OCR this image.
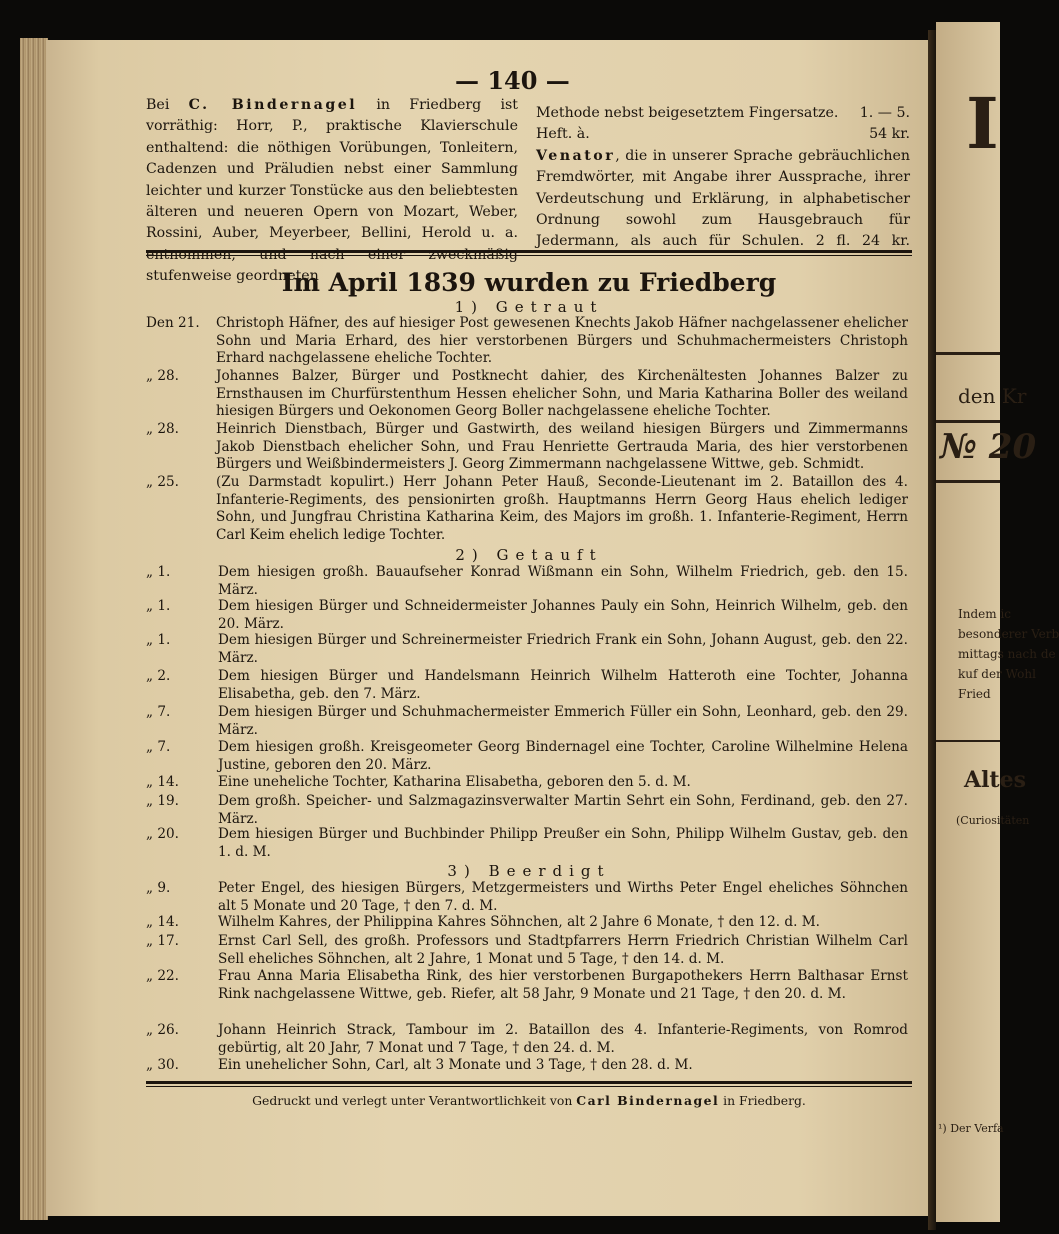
I
den Kr
№ 20
Indem ic
besonderer Verb
mittags nach de
kuf der Wohl
Fried
Altes
(Curiositäten
¹) Der Verfa
— 140 —
Bei C. Bindernagel in Friedberg ist vorräthig: Horr, P., praktische Klavierschule enthaltend: die nöthigen Vorübungen, Tonleitern, Cadenzen und Präludien nebst einer Sammlung leichter und kurzer Tonstücke aus den beliebtesten älteren und neueren Opern von Mozart, Weber, Rossini, Auber, Meyerbeer, Bellini, Herold u. a. stufenweise geordneten
Methode nebst beigesetztem Fingersatze. 1. — 5.
Heft. à.	54 kr.
Venator, die in unserer Sprache gebräuchlichen Fremdwörter, mit Angabe ihrer Aussprache, ihrer Verdeutschung und Erklärung, in alphabetischer Ordnung sowohl zum Hausgebrauch für Jedermann, als auch für Schulen. 2 fl. 24 kr.
Im April 1839 wurden zu Friedberg
1) Getraut
Den 21.	Christoph Häfner, des auf hiesiger Post gewesenen Knechts Jakob Häfner nachgelassener ehelicher Sohn und Maria Erhard, des hier verstorbenen Bürgers und Schuhmachermeisters Christoph Erhard nachgelassene eheliche Tochter.
„ 28.	Johannes Balzer, Bürger und Postknecht dahier, des Kirchenältesten Johannes Balzer zu Ernsthausen im Churfürstenthum Hessen ehelicher Sohn, und Maria Katharina Boller des weiland hiesigen Bürgers und Oekonomen Georg Boller nachgelassene eheliche Tochter.
„ 28.	Heinrich Dienstbach, Bürger und Gastwirth, des weiland hiesigen Bürgers und Zimmermanns Jakob Dienstbach ehelicher Sohn, und Frau Henriette Gertrauda Maria, des hier verstorbenen Bürgers und Weißbindermeisters J. Georg Zimmermann nachgelassene Wittwe, geb. Schmidt.
„ 25.	(Zu Darmstadt kopulirt.) Herr Johann Peter Hauß, Seconde-Lieutenant im 2. Bataillon des 4. Infanterie-Regiments, des pensionirten großh. Hauptmanns Herrn Georg Haus ehelich lediger Sohn, und Jungfrau Christina Katharina Keim, des Majors im großh. 1. Infanterie-Regiment, Herrn Carl Keim ehelich ledige Tochter.
2) Getauft
„ 1.	Dem hiesigen großh. Bauaufseher Konrad Wißmann ein Sohn, Wilhelm Friedrich, geb. den 15. März.
„ 1.	Dem hiesigen Bürger und Schneidermeister Johannes Pauly ein Sohn, Heinrich Wilhelm, geb. den 20. März.
„ 1.	Dem hiesigen Bürger und Schreinermeister Friedrich Frank ein Sohn, Johann August, geb. den 22. März.
„ 2.	Dem hiesigen Bürger und Handelsmann Heinrich Wilhelm Hatteroth eine Tochter, Johanna Elisabetha, geb. den 7. März.
„ 7.	Dem hiesigen Bürger und Schuhmachermeister Emmerich Füller ein Sohn, Leonhard, geb. den 29. März.
„ 7.	Dem hiesigen großh. Kreisgeometer Georg Bindernagel eine Tochter, Caroline Wilhelmine Helena Justine, geboren den 20. März.
„ 14.	Eine uneheliche Tochter, Katharina Elisabetha, geboren den 5. d. M.
„ 19.	Dem großh. Speicher- und Salzmagazinsverwalter Martin Sehrt ein Sohn, Ferdinand, geb. den 27. März.
„ 20.	Dem hiesigen Bürger und Buchbinder Philipp Preußer ein Sohn, Philipp Wilhelm Gustav, geb. den 1. d. M.
3) Beerdigt
„ 9.	Peter Engel, des hiesigen Bürgers, Metzgermeisters und Wirths Peter Engel eheliches Söhnchen alt 5 Monate und 20 Tage, † den 7. d. M.
„ 14.	Wilhelm Kahres, der Philippina Kahres Söhnchen, alt 2 Jahre 6 Monate, † den 12. d. M.
„ 17.	Ernst Carl Sell, des großh. Professors und Stadtpfarrers Herrn Friedrich Christian Wilhelm Carl Sell eheliches Söhnchen, alt 2 Jahre, 1 Monat und 5 Tage, † den 14. d. M.
„ 22.	Frau Anna Maria Elisabetha Rink, des hier verstorbenen Burgapothekers Herrn Balthasar Ernst Rink nachgelassene Wittwe, geb. Riefer, alt 58 Jahr, 9 Monate und 21 Tage, † den 20. d. M.
„ 26.	Johann Heinrich Strack, Tambour im 2. Bataillon des 4. Infanterie-Regiments, von Romrod gebürtig, alt 20 Jahr, 7 Monat und 7 Tage, † den 24. d. M.
„ 30.	Ein unehelicher Sohn, Carl, alt 3 Monate und 3 Tage, † den 28. d. M.
Gedruckt und verlegt unter Verantwortlichkeit von Carl Bindernagel in Friedberg.
